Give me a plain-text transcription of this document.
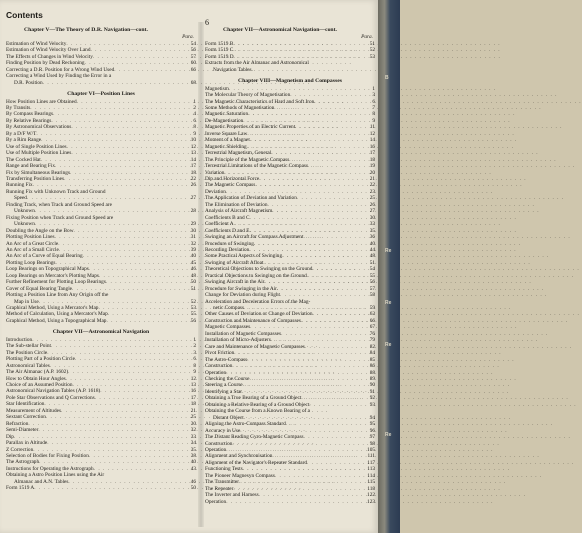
Contents
6
Chapter V—The Theory of D.R. Navigation—cont.
Para.
Estimation of Wind Velocity . . .	54
Estimation of Wind Velocity Over Land . . .	56
The Effects of Changes in Wind Velocity . . .	57
Finding Position by Dead Reckoning . . .	60
Correcting a D.R. Position for a Wrong Wind Used . . .	66
Correcting a Wind Used by Finding the Error in a
D.R. Position . . .	68
Chapter VI—Position Lines
How Position Lines are Obtained . . .	1
By Transits . . .	2
By Compass Bearings . . .	4
By Relative Bearings . . .	6
By Astronomical Observations . . .	8
By a D/F W/T . . .	9
By a Rim Range . . .	10
Use of Single Position Lines . . .	12
Use of Multiple Position Lines . . .	13
The Cocked Hat . . .	14
Range and Bearing Fix . . .	17
Fix by Simultaneous Bearings . . .	18
Transferring Position Lines . . .	22
Running Fix . . .	26
Running Fix with Unknown Track and Ground
Speed . . .	27
Finding Track, when Track and Ground Speed are
Unknown . . .	28
Fixing Position when Track and Ground Speed are
Unknown . . .	29
Doubling the Angle on the Bow . . .	30
Plotting Position Lines . . .	31
An Arc of a Great Circle . . .	32
An Arc of a Small Circle . . .	39
An Arc of a Curve of Equal Bearing . . .	40
Plotting Loop Bearings . . .	45
Loop Bearings on Topographical Maps . . .	46
Loop Bearings on Mercator's Plotting Maps . . .	48
Further Refinement for Plotting Loop Bearings . . .	50
Cover of Equal Bearing Tangle . . .	51
Plotting a Position Line from Any Origin off the
Map in Use . . .	52
Graphical Method, Using a Mercator's Map . . .	53
Method of Calculation, Using a Mercator's Map . . .	55
Graphical Method, Using a Topographical Map . . .	56
Chapter VII—Astronomical Navigation
Introduction . . .	1
The Sub-stellar Point . . .	2
The Position Circle . . .	3
Plotting Part of a Position Circle . . .	6
Astronomical Tables . . .	8
The Air Almanac (A.P. 1602) . . .	9
How to Obtain Hour Angles . . .	12
Choice of an Assumed Position . . .	13
Astronomical Navigation Tables (A.P. 1618) . . .	16
Pole Star Observations and Q Corrections . . .	17
Star Identification . . .	18
Measurement of Altitudes . . .	21
Sextant Correction . . .	25
Refraction . . .	30
Semi-Diameter . . .	32
Dip . . .	33
Parallax in Altitude . . .	34
Z Correction . . .	35
Selection of Bodies for Fixing Position . . .	38
The Astrograph . . .	40
Instructions for Operating the Astrograph . . .	43
Obtaining a Astro Position Lines using the Air
Almanac and A.N. Tables . . .	46
Form 1519 A . . .	50
Chapter VII—Astronomical Navigation—cont.
Para.
Form 1519 B . . .	51
Form 1519 C . . .	52
Form 1519 D . . .	53
Extracts from the Air Almanac and Astronomical
Navigation Tables.
Chapter VIII—Magnetism and Compasses
Magnetism . . .	1
The Molecular Theory of Magnetisation . . .	3
The Magnetic Characteristics of Hard and Soft Iron . . .	6
Some Methods of Magnetisation . . .	7
Magnetic Saturation . . .	8
De-Magnetisation . . .	9
Magnetic Properties of an Electric Current . . .	11
Inverse Square Law . . .	12
Moment of a Magnet . . .	14
Magnetic Shielding . . .	16
Terrestrial Magnetism, General . . .	17
The Principle of the Magnetic Compass . . .	18
Terrestrial Limitations of the Magnetic Compass . . .	19
Variation . . .	20
Dip and Horizontal Force . . .	21
The Magnetic Compass . . .	22
Deviation . . .	23
The Application of Deviation and Variation . . .	25
The Elimination of Deviation . . .	26
Analysis of Aircraft Magnetism . . .	27
Coefficients B and C . . .	30
Coefficient A . . .	33
Coefficients D and E . . .	35
Swinging an Aircraft for Compass Adjustment . . .	36
Procedure of Swinging . . .	40
Recording Deviation . . .	44
Some Practical Aspects of Swinging . . .	48
Swinging of Aircraft Afloat . . .	51
Theoretical Objections to Swinging on the Ground . . .	54
Practical Objections to Swinging on the Ground . . .	55
Swinging Aircraft in the Air . . .	56
Procedure for Swinging in the Air . . .	57
Change for Deviation during Flight . . .	58
Acceleration and Deceleration Errors of the Mag-
netic Compass . . .	59
Other Causes of Deviation or Change of Deviation . . .	63
Construction and Maintenance of Compasses . . .	66
Magnetic Compasses . . .	67
Installation of Magnetic Compasses . . .	76
Installation of Micro-Adjusters . . .	79
Care and Maintenance of Magnetic Compasses . . .	82
Pivot Friction . . .	84
The Astro-Compass . . .	85
Construction . . .	86
Operation . . .	88
Checking the Course . . .	89
Steering a Course . . .	90
Identifying a Star . . .	91
Obtaining a True Bearing of a Ground Object . . .	92
Obtaining a Relative Bearing of a Ground Object . . .	93
Obtaining the Course from a Known Bearing of a
Distant Object . . .	94
Aligning the Astro-Compass Standard . . .	95
Accuracy in Use . . .	96
The Distant Reading Gyro-Magnetic Compass . . .	97
Construction . . .	98
Operation . . .	105
Alignment and Synchronisation . . .	111
Alignment of the Navigator's Repeater Standard . . .	117
Functioning Tests . . .	113
The Pioneer Magnesyn Compass . . .	114
The Transmitter . . .	115
The Repeater . . .	118
The Inverter and Harness . . .	122
Operation . . .	123
B
Re
Re
Re
Re
